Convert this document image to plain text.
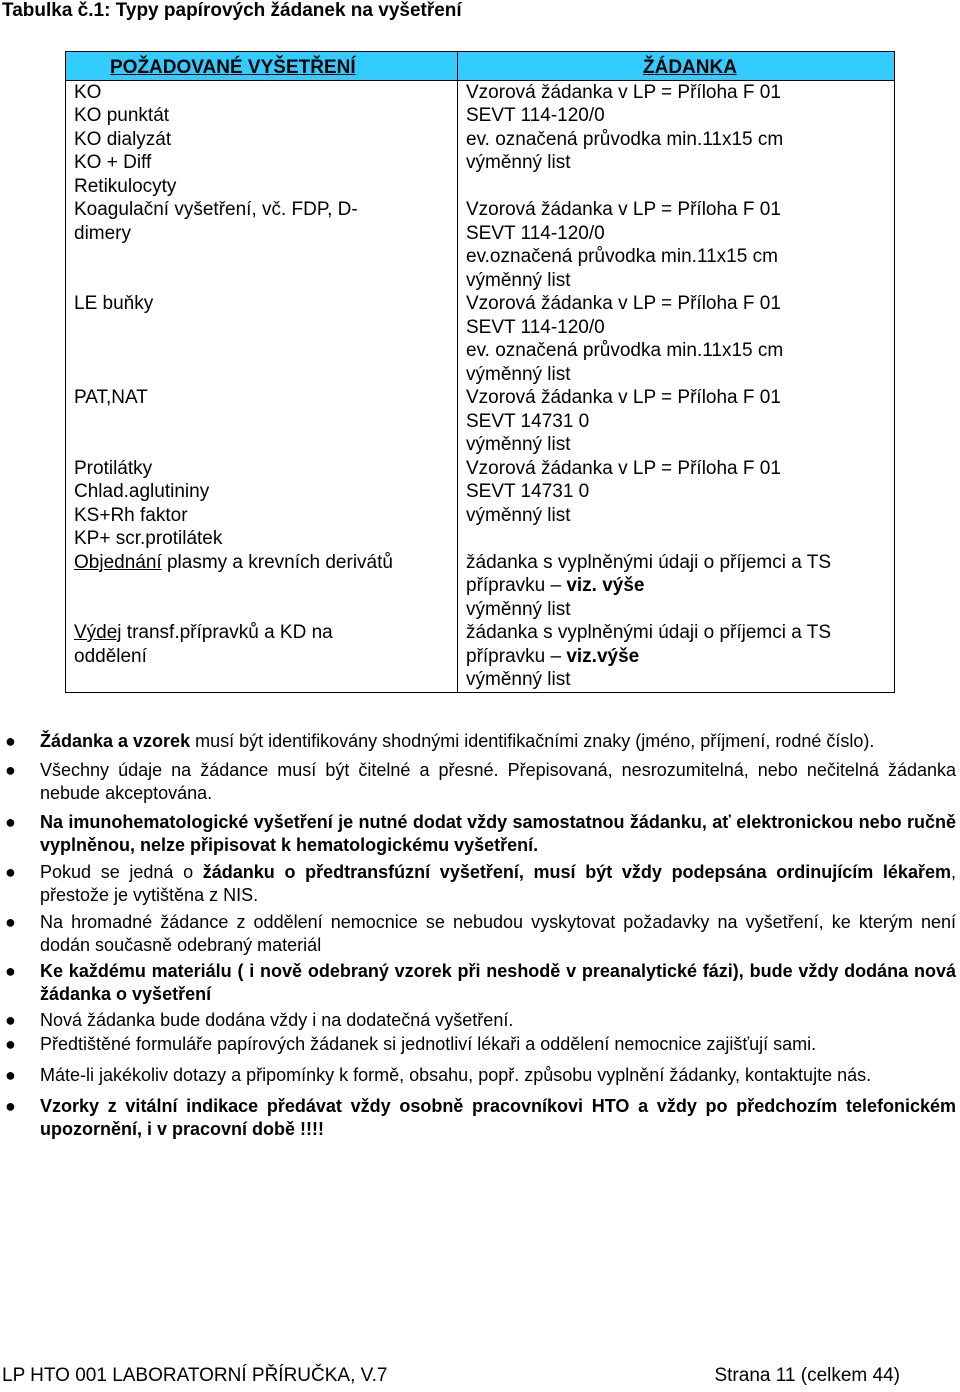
Tabulka č.1: Typy papírových žádanek na vyšetření
POŽADOVANÉ VYŠETŘENÍ	ŽÁDANKA

KO
KO punktát
KO dialyzát
KO + Diff
Retikulocyty	Vzorová žádanka v LP = Příloha F 01
SEVT 114-120/0
ev. označená průvodka min.11x15 cm
výměnný list

Koagulační vyšetření, vč. FDP, D-
dimery	Vzorová žádanka v LP = Příloha F 01
SEVT 114-120/0
ev.označená průvodka min.11x15 cm
výměnný list

LE buňky	Vzorová žádanka v LP = Příloha F 01
SEVT 114-120/0
ev. označená průvodka min.11x15 cm
výměnný list

PAT,NAT	Vzorová žádanka v LP = Příloha F 01
SEVT 14731 0
výměnný list

Protilátky
Chlad.aglutininy
KS+Rh faktor
KP+ scr.protilátek	Vzorová žádanka v LP = Příloha F 01
SEVT 14731 0
výměnný list

Objednání plasmy a krevních derivátů	žádanka s vyplněnými údaji o příjemci a TS
přípravku – viz. výše
výměnný list

Výdej transf.přípravků a KD na
oddělení	žádanka s vyplněnými údaji o příjemci a TS
přípravku – viz.výše
výměnný list
● Žádanka a vzorek musí být identifikovány shodnými identifikačními znaky (jméno, příjmení, rodné číslo).
● Všechny údaje na žádance musí být čitelné a přesné. Přepisovaná, nesrozumitelná, nebo nečitelná žádanka nebude akceptována.
● Na imunohematologické vyšetření je nutné dodat vždy samostatnou žádanku, ať elektronickou nebo ručně vyplněnou, nelze připisovat k hematologickému vyšetření.
● Pokud se jedná o žádanku o předtransfúzní vyšetření, musí být vždy podepsána ordinujícím lékařem, přestože je vytištěna z NIS.
● Na hromadné žádance z oddělení nemocnice se nebudou vyskytovat požadavky na vyšetření, ke kterým není dodán současně odebraný materiál
● Ke každému materiálu ( i nově odebraný vzorek při neshodě v preanalytické fázi), bude vždy dodána nová žádanka o vyšetření
● Nová žádanka bude dodána vždy i na dodatečná vyšetření.
● Předtištěné formuláře papírových žádanek si jednotliví lékaři a oddělení nemocnice zajišťují sami.
● Máte-li jakékoliv dotazy a připomínky k formě, obsahu, popř. způsobu vyplnění žádanky, kontaktujte nás.
● Vzorky z vitální indikace předávat vždy osobně pracovníkovi HTO a vždy po předchozím telefonickém upozornění, i v pracovní době !!!!
LP HTO 001 LABORATORNÍ PŘÍRUČKA, V.7	Strana 11 (celkem 44)
